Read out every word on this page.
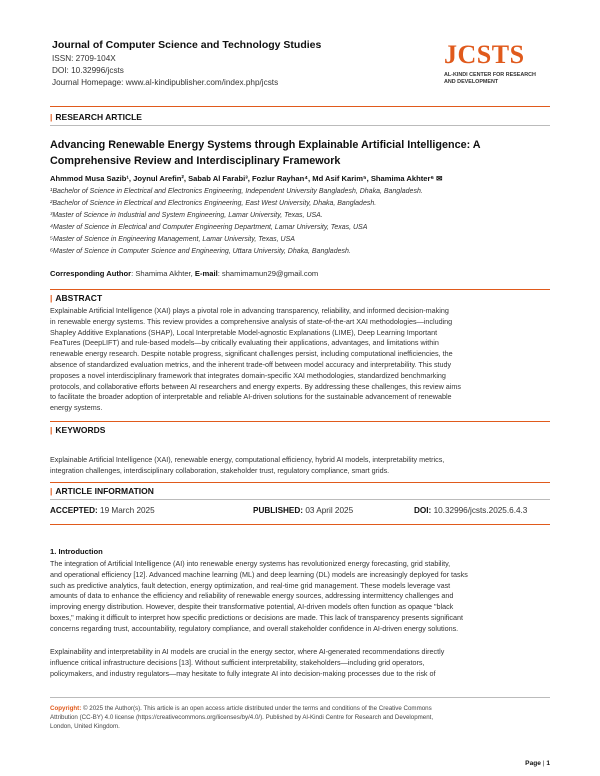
Journal of Computer Science and Technology Studies
ISSN: 2709-104X
DOI: 10.32996/jcsts
Journal Homepage: www.al-kindipublisher.com/index.php/jcsts
JCSTS
AL-KINDI CENTER FOR RESEARCH
AND DEVELOPMENT
| RESEARCH ARTICLE
Advancing Renewable Energy Systems through Explainable Artificial Intelligence: A
Comprehensive Review and Interdisciplinary Framework
Ahmmod Musa Sazib¹, Joynul Arefin², Sabab Al Farabi³, Fozlur Rayhan⁴, Md Asif Karim⁵, Shamima Akhter⁶ ✉
¹Bachelor of Science in Electrical and Electronics Engineering, Independent University Bangladesh, Dhaka, Bangladesh.
²Bachelor of Science in Electrical and Electronics Engineering, East West University, Dhaka, Bangladesh.
³Master of Science in Industrial and System Engineering, Lamar University, Texas, USA.
⁴Master of Science in Electrical and Computer Engineering Department, Lamar University, Texas, USA
⁵Master of Science in Engineering Management, Lamar University, Texas, USA
⁶Master of Science in Computer Science and Engineering, Uttara University, Dhaka, Bangladesh.
Corresponding Author: Shamima Akhter, E-mail: shamimamun29@gmail.com
| ABSTRACT
Explainable Artificial Intelligence (XAI) plays a pivotal role in advancing transparency, reliability, and informed decision-making
in renewable energy systems. This review provides a comprehensive analysis of state-of-the-art XAI methodologies—including
Shapley Additive Explanations (SHAP), Local Interpretable Model-agnostic Explanations (LIME), Deep Learning Important
FeaTures (DeepLIFT) and rule-based models—by critically evaluating their applications, advantages, and limitations within
renewable energy research. Despite notable progress, significant challenges persist, including computational inefficiencies, the
absence of standardized evaluation metrics, and the inherent trade-off between model accuracy and interpretability. This study
proposes a novel interdisciplinary framework that integrates domain-specific XAI methodologies, standardized benchmarking
protocols, and collaborative efforts between AI researchers and energy experts. By addressing these challenges, this review aims
to facilitate the broader adoption of interpretable and reliable AI-driven solutions for the sustainable advancement of renewable
energy systems.
| KEYWORDS
Explainable Artificial Intelligence (XAI), renewable energy, computational efficiency, hybrid AI models, interpretability metrics,
integration challenges, interdisciplinary collaboration, stakeholder trust, regulatory compliance, smart grids.
| ARTICLE INFORMATION
ACCEPTED: 19 March 2025	PUBLISHED: 03 April 2025	DOI: 10.32996/jcsts.2025.6.4.3
1. Introduction
The integration of Artificial Intelligence (AI) into renewable energy systems has revolutionized energy forecasting, grid stability,
and operational efficiency [12]. Advanced machine learning (ML) and deep learning (DL) models are increasingly deployed for tasks
such as predictive analytics, fault detection, energy optimization, and real-time grid management. These models leverage vast
amounts of data to enhance the efficiency and reliability of renewable energy sources, addressing intermittency challenges and
improving energy distribution. However, despite their transformative potential, AI-driven models often function as opaque "black
boxes," making it difficult to interpret how specific predictions or decisions are made. This lack of transparency presents significant
concerns regarding trust, accountability, regulatory compliance, and overall stakeholder confidence in AI-driven energy solutions.
Explainability and interpretability in AI models are crucial in the energy sector, where AI-generated recommendations directly
influence critical infrastructure decisions [13]. Without sufficient interpretability, stakeholders—including grid operators,
policymakers, and industry regulators—may hesitate to fully integrate AI into decision-making processes due to the risk of
Copyright: © 2025 the Author(s). This article is an open access article distributed under the terms and conditions of the Creative Commons
Attribution (CC-BY) 4.0 license (https://creativecommons.org/licenses/by/4.0/). Published by Al-Kindi Centre for Research and Development,
London, United Kingdom.
Page | 1
